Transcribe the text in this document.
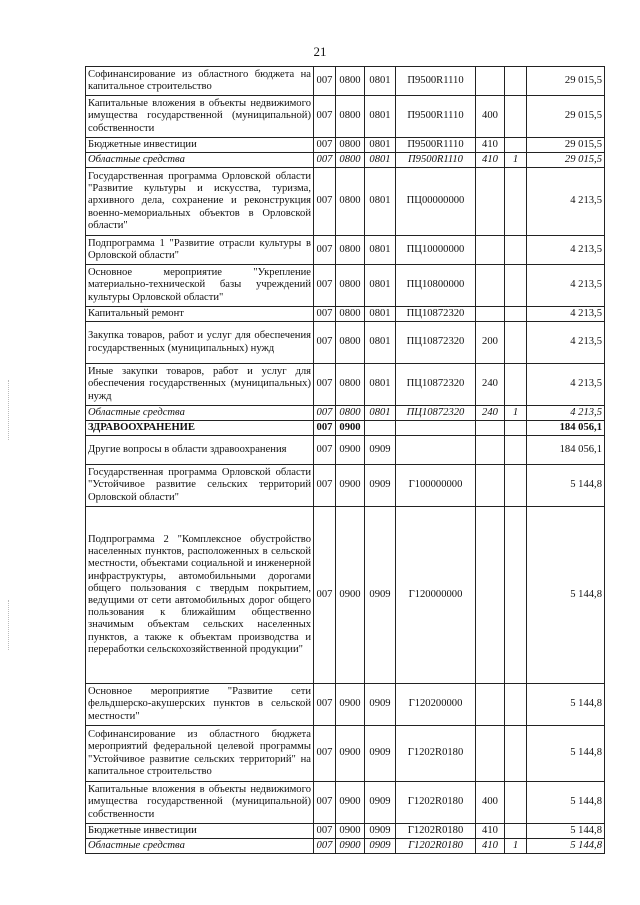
21
Софинансирование из областного бюджета на капитальное строительство	007	0800	0801	П9500R1110			29 015,5
Капитальные вложения в объекты недвижимого имущества государственной (муниципальной) собственности	007	0800	0801	П9500R1110	400		29 015,5
Бюджетные инвестиции	007	0800	0801	П9500R1110	410		29 015,5
Областные средства	007	0800	0801	П9500R1110	410	1	29 015,5
Государственная программа Орловской области "Развитие культуры и искусства, туризма, архивного дела, сохранение и реконструкция военно-мемориальных объектов в Орловской области"	007	0800	0801	ПЦ00000000			4 213,5
Подпрограмма 1 "Развитие отрасли культуры в Орловской области"	007	0800	0801	ПЦ10000000			4 213,5
Основное мероприятие "Укрепление материально-технической базы учреждений культуры Орловской области"	007	0800	0801	ПЦ10800000			4 213,5
Капитальный ремонт	007	0800	0801	ПЦ10872320			4 213,5
Закупка товаров, работ и услуг для обеспечения государственных (муниципальных) нужд	007	0800	0801	ПЦ10872320	200		4 213,5
Иные закупки товаров, работ и услуг для обеспечения государственных (муниципальных) нужд	007	0800	0801	ПЦ10872320	240		4 213,5
Областные средства	007	0800	0801	ПЦ10872320	240	1	4 213,5
ЗДРАВООХРАНЕНИЕ	007	0900					184 056,1
Другие вопросы в области здравоохранения	007	0900	0909				184 056,1
Государственная программа Орловской области "Устойчивое развитие сельских территорий Орловской области"	007	0900	0909	Г100000000			5 144,8
Подпрограмма 2 "Комплексное обустройство населенных пунктов, расположенных в сельской местности, объектами социальной и инженерной инфраструктуры, автомобильными дорогами общего пользования с твердым покрытием, ведущими от сети автомобильных дорог общего пользования к ближайшим общественно значимым объектам сельских населенных пунктов, а также к объектам производства и переработки сельскохозяйственной продукции"	007	0900	0909	Г120000000			5 144,8
Основное мероприятие "Развитие сети фельдшерско-акушерских пунктов в сельской местности"	007	0900	0909	Г120200000			5 144,8
Софинансирование из областного бюджета мероприятий федеральной целевой программы "Устойчивое развитие сельских территорий" на капитальное строительство	007	0900	0909	Г1202R0180			5 144,8
Капитальные вложения в объекты недвижимого имущества государственной (муниципальной) собственности	007	0900	0909	Г1202R0180	400		5 144,8
Бюджетные инвестиции	007	0900	0909	Г1202R0180	410		5 144,8
Областные средства	007	0900	0909	Г1202R0180	410	1	5 144,8
